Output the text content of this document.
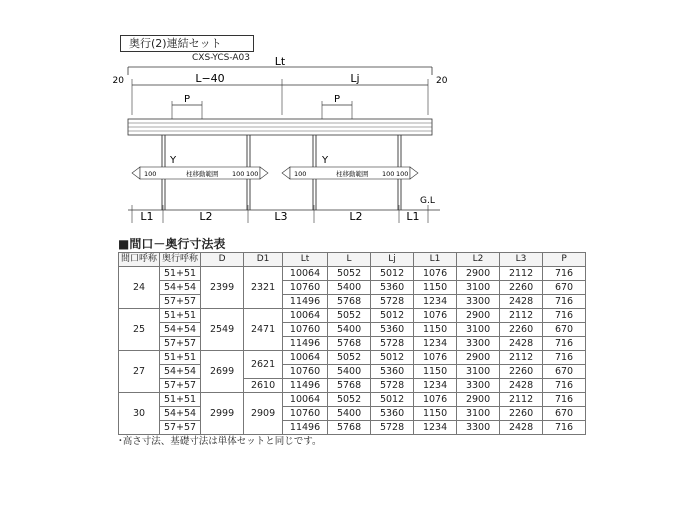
奥行(2)連結セット
CXS-YCS-A03 Lt
20	20
L−40	Lj
P	P
Y	Y
100	柱移動範囲 100 100	100	柱移動範囲 100 100
G.L
L1	L2	L3	L2	L1
■間口－奥行寸法表
間口呼称	奥行呼称	D	D1	Lt	L	Lj	L1	L2	L3	P
24	51+51	2399	2321	10064	5052	5012	1076	2900	2112	716
	54+54			10760	5400	5360	1150	3100	2260	670
	57+57			11496	5768	5728	1234	3300	2428	716
25	51+51	2549	2471	10064	5052	5012	1076	2900	2112	716
	54+54			10760	5400	5360	1150	3100	2260	670
	57+57			11496	5768	5728	1234	3300	2428	716
27	51+51	2699	2621	10064	5052	5012	1076	2900	2112	716
	54+54			10760	5400	5360	1150	3100	2260	670
	57+57		2610	11496	5768	5728	1234	3300	2428	716
30	51+51	2999	2909	10064	5052	5012	1076	2900	2112	716
	54+54			10760	5400	5360	1150	3100	2260	670
	57+57			11496	5768	5728	1234	3300	2428	716
･高さ寸法、基礎寸法は単体セットと同じです。
